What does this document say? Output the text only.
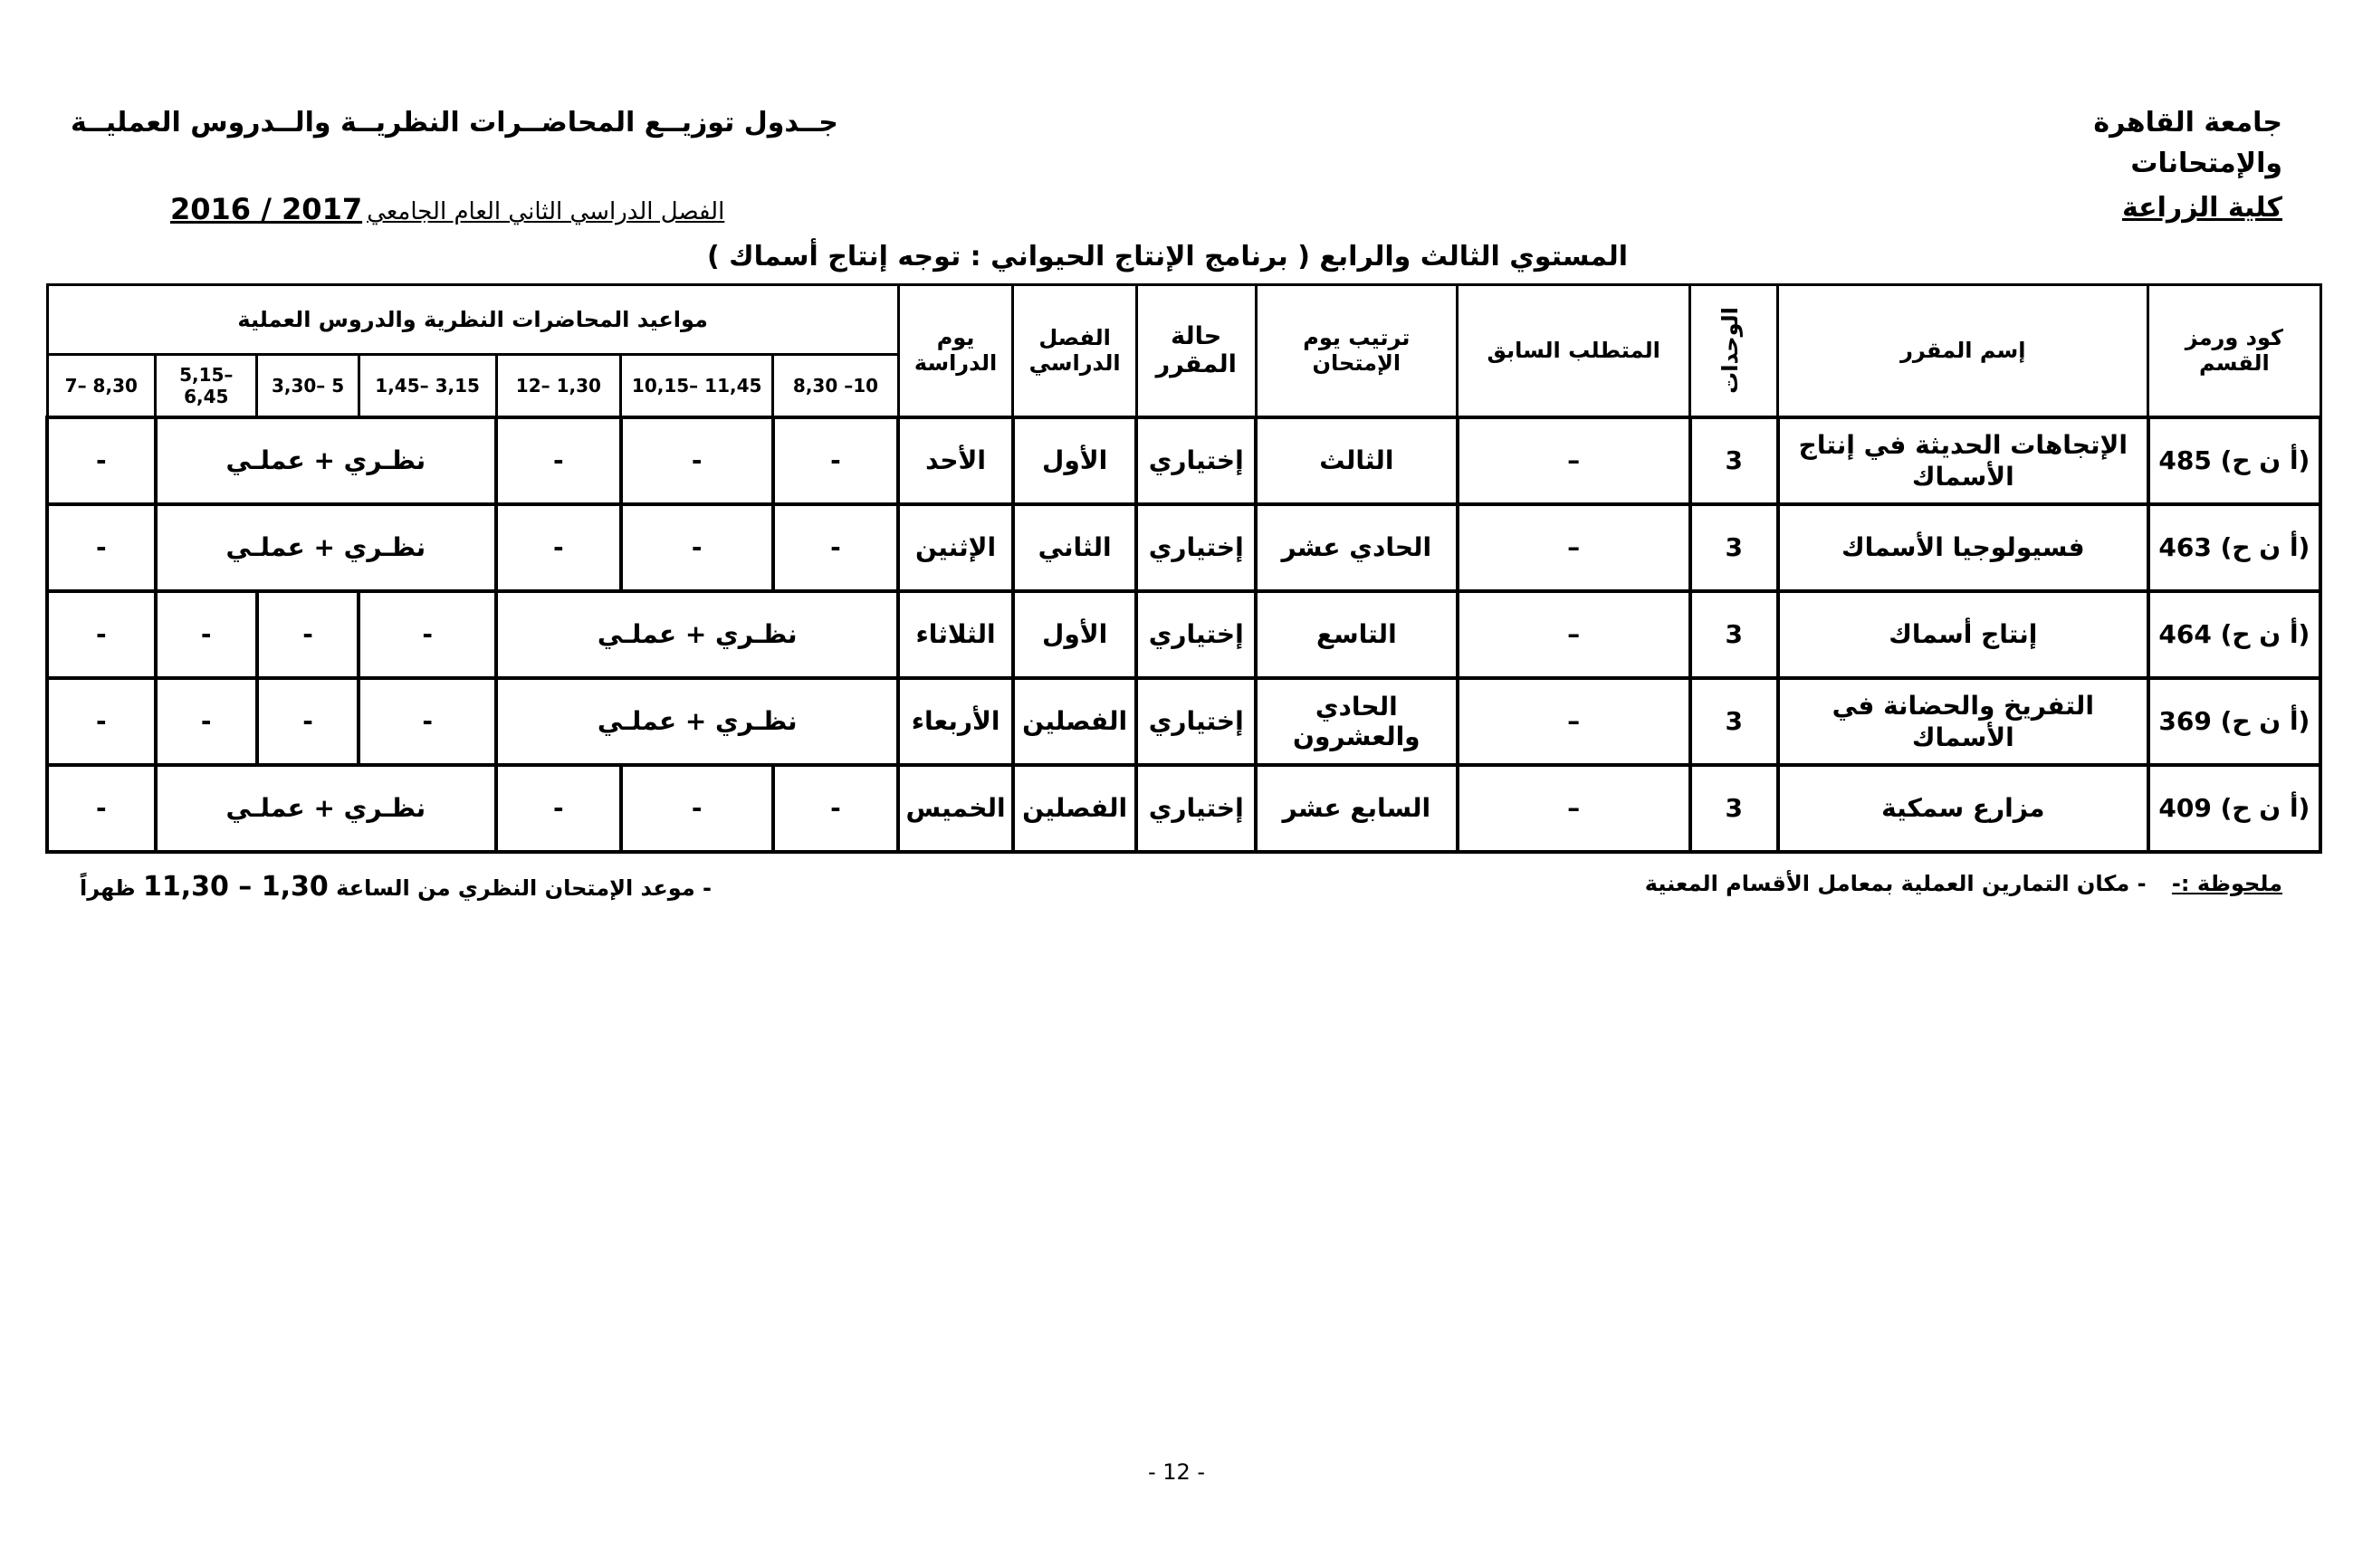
جامعة القاهرة
والإمتحانات
كلية الزراعة
جــدول توزيــع المحاضــرات النظريــة والــدروس العمليــة
الفصل الدراسي الثاني العام الجامعي 2016 / 2017
المستوي الثالث والرابع ( برنامج الإنتاج الحيواني : توجه إنتاج أسماك )
كود ورمز القسم	إسم المقرر	الوحدات	المتطلب السابق	ترتيب يوم الإمتحان	حالة المقرر	الفصل الدراسي	يوم الدراسة	مواعيد المحاضرات النظرية والدروس العملية						
								8,30 –10	10,15– 11,45	12– 1,30	1,45– 3,15	3,30– 5	5,15– 6,45	7– 8,30
(أ ن ح) 485	الإتجاهات الحديثة في إنتاج الأسماك	3	–	الثالث	إختياري	الأول	الأحد	-	-	-	نظـري + عملـي			-
(أ ن ح) 463	فسيولوجيا الأسماك	3	–	الحادي عشر	إختياري	الثاني	الإثنين	-	-	-	نظـري + عملـي			-
(أ ن ح) 464	إنتاج أسماك	3	–	التاسع	إختياري	الأول	الثلاثاء	نظـري + عملـي			-	-	-	-
(أ ن ح) 369	التفريخ والحضانة في الأسماك	3	–	الحادي والعشرون	إختياري	الفصلين	الأربعاء	نظـري + عملـي			-	-	-	-
(أ ن ح) 409	مزارع سمكية	3	–	السابع عشر	إختياري	الفصلين	الخميس	-	-	-	نظـري + عملـي			-
ملحوظة :- - مكان التمارين العملية بمعامل الأقسام المعنية
- موعد الإمتحان النظري من الساعة 11,30 – 1,30 ظهراً
- 12 -
